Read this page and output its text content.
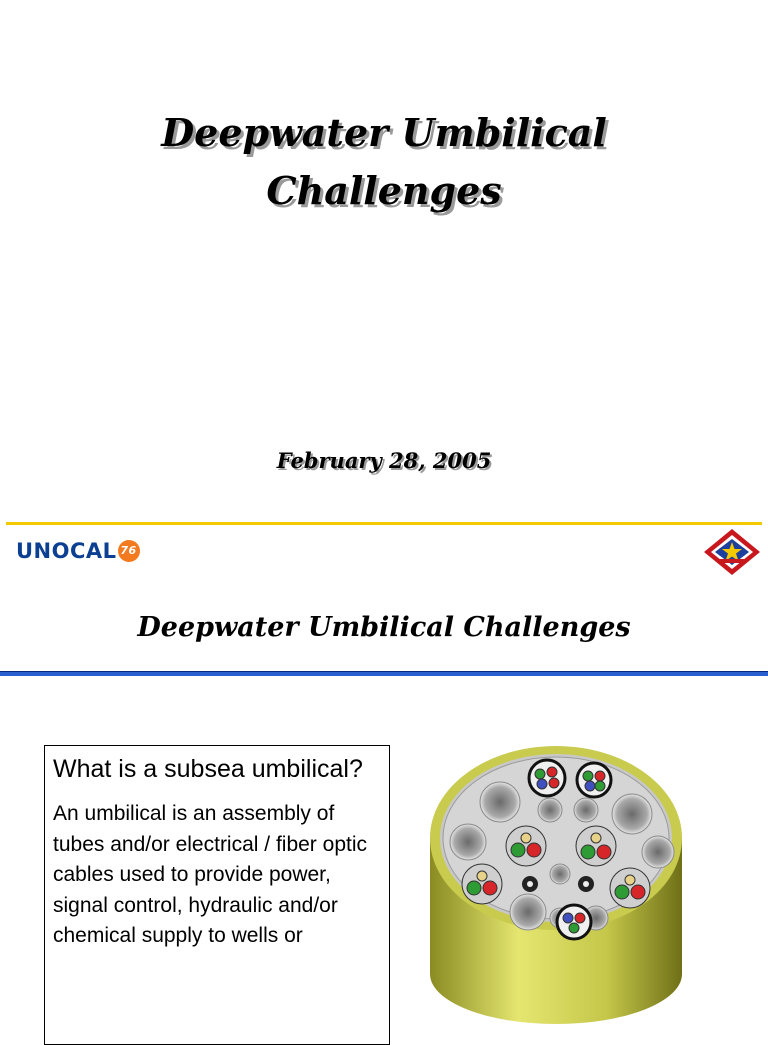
Deepwater Umbilical
Challenges
February 28, 2005
UNOCAL 76
Deepwater Umbilical Challenges

What is a subsea umbilical?

An umbilical is an assembly of tubes and/or electrical / fiber optic cables used to provide power, signal control, hydraulic and/or chemical supply to wells or
